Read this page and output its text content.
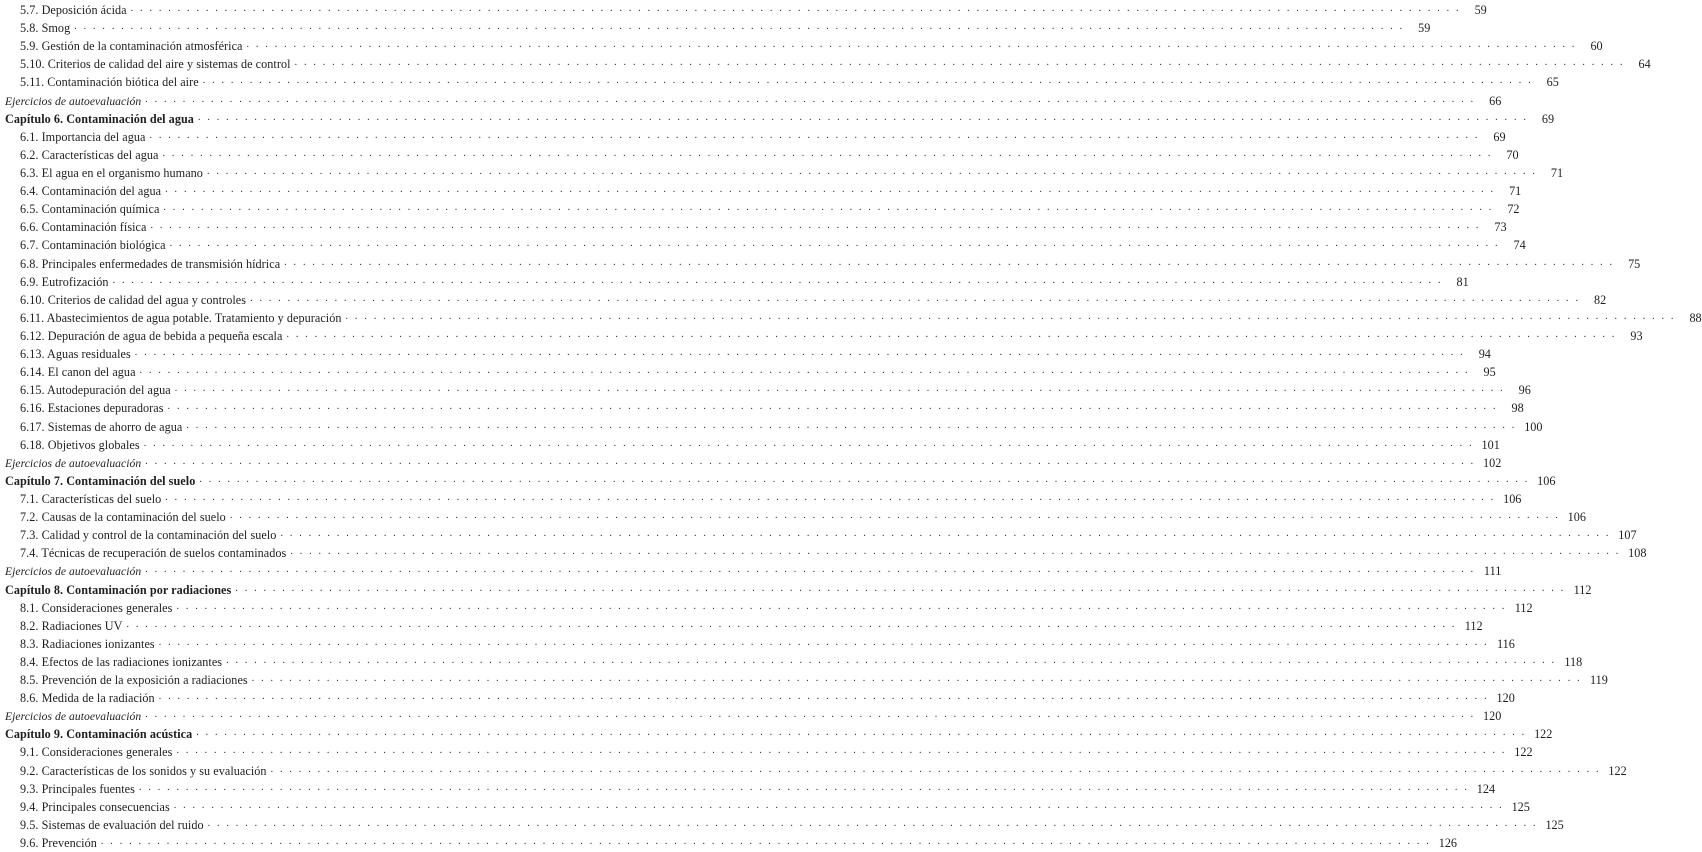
5.7. Deposición ácida . . .	59
5.8. Smog . . .	59
5.9. Gestión de la contaminación atmosférica . . .	60
5.10. Criterios de calidad del aire y sistemas de control . . .	64
5.11. Contaminación biótica del aire . . .	65
Ejercicios de autoevaluación . . .	66
Capítulo 6. Contaminación del agua . . .	69
6.1. Importancia del agua . . .	69
6.2. Características del agua . . .	70
6.3. El agua en el organismo humano . . .	71
6.4. Contaminación del agua . . .	71
6.5. Contaminación química . . .	72
6.6. Contaminación física . . .	73
6.7. Contaminación biológica . . .	74
6.8. Principales enfermedades de transmisión hídrica . . .	75
6.9. Eutrofización . . .	81
6.10. Criterios de calidad del agua y controles . . .	82
6.11. Abastecimientos de agua potable. Tratamiento y depuración . . .	88
6.12. Depuración de agua de bebida a pequeña escala . . .	93
6.13. Aguas residuales . . .	94
6.14. El canon del agua . . .	95
6.15. Autodepuración del agua . . .	96
6.16. Estaciones depuradoras . . .	98
6.17. Sistemas de ahorro de agua . . .	100
6.18. Objetivos globales . . .	101
Ejercicios de autoevaluación . . .	102
Capítulo 7. Contaminación del suelo . . .	106
7.1. Características del suelo . . .	106
7.2. Causas de la contaminación del suelo . . .	106
7.3. Calidad y control de la contaminación del suelo . . .	107
7.4. Técnicas de recuperación de suelos contaminados . . .	108
Ejercicios de autoevaluación . . .	111
Capítulo 8. Contaminación por radiaciones . . .	112
8.1. Consideraciones generales . . .	112
8.2. Radiaciones UV . . .	112
8.3. Radiaciones ionizantes . . .	116
8.4. Efectos de las radiaciones ionizantes . . .	118
8.5. Prevención de la exposición a radiaciones . . .	119
8.6. Medida de la radiación . . .	120
Ejercicios de autoevaluación . . .	120
Capítulo 9. Contaminación acústica . . .	122
9.1. Consideraciones generales . . .	122
9.2. Características de los sonidos y su evaluación . . .	122
9.3. Principales fuentes . . .	124
9.4. Principales consecuencias . . .	125
9.5. Sistemas de evaluación del ruido . . .	125
9.6. Prevención . . .	126
